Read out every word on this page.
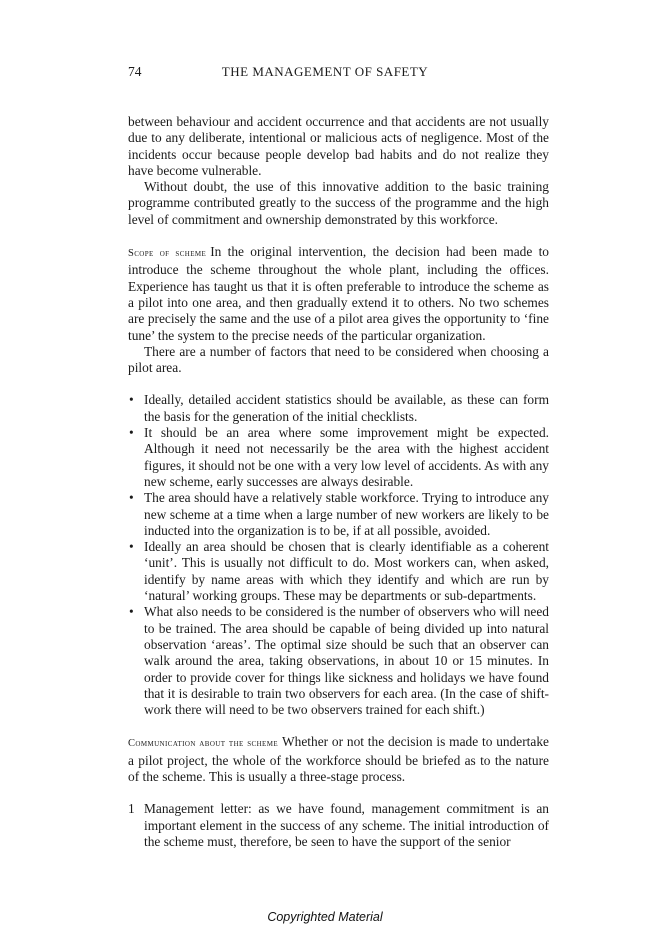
74	THE MANAGEMENT OF SAFETY

between behaviour and accident occurrence and that accidents are not usually due to any deliberate, intentional or malicious acts of negligence. Most of the incidents occur because people develop bad habits and do not realize they have become vulnerable.

Without doubt, the use of this innovative addition to the basic training programme contributed greatly to the success of the programme and the high level of commitment and ownership demonstrated by this workforce.

Scope of scheme In the original intervention, the decision had been made to introduce the scheme throughout the whole plant, including the offices. Experience has taught us that it is often preferable to introduce the scheme as a pilot into one area, and then gradually extend it to others. No two schemes are precisely the same and the use of a pilot area gives the opportunity to ‘fine tune’ the system to the precise needs of the particular organization.

There are a number of factors that need to be considered when choosing a pilot area.

• Ideally, detailed accident statistics should be available, as these can form the basis for the generation of the initial checklists.
• It should be an area where some improvement might be expected. Although it need not necessarily be the area with the highest accident figures, it should not be one with a very low level of accidents. As with any new scheme, early successes are always desirable.
• The area should have a relatively stable workforce. Trying to introduce any new scheme at a time when a large number of new workers are likely to be inducted into the organization is to be, if at all possible, avoided.
• Ideally an area should be chosen that is clearly identifiable as a coherent ‘unit’. This is usually not difficult to do. Most workers can, when asked, identify by name areas with which they identify and which are run by ‘natural’ working groups. These may be departments or sub-departments.
• What also needs to be considered is the number of observers who will need to be trained. The area should be capable of being divided up into natural observation ‘areas’. The optimal size should be such that an observer can walk around the area, taking observations, in about 10 or 15 minutes. In order to provide cover for things like sickness and holidays we have found that it is desirable to train two observers for each area. (In the case of shift-work there will need to be two observers trained for each shift.)

Communication about the scheme Whether or not the decision is made to undertake a pilot project, the whole of the workforce should be briefed as to the nature of the scheme. This is usually a three-stage process.

1 Management letter: as we have found, management commitment is an important element in the success of any scheme. The initial introduction of the scheme must, therefore, be seen to have the support of the senior
Copyrighted Material
